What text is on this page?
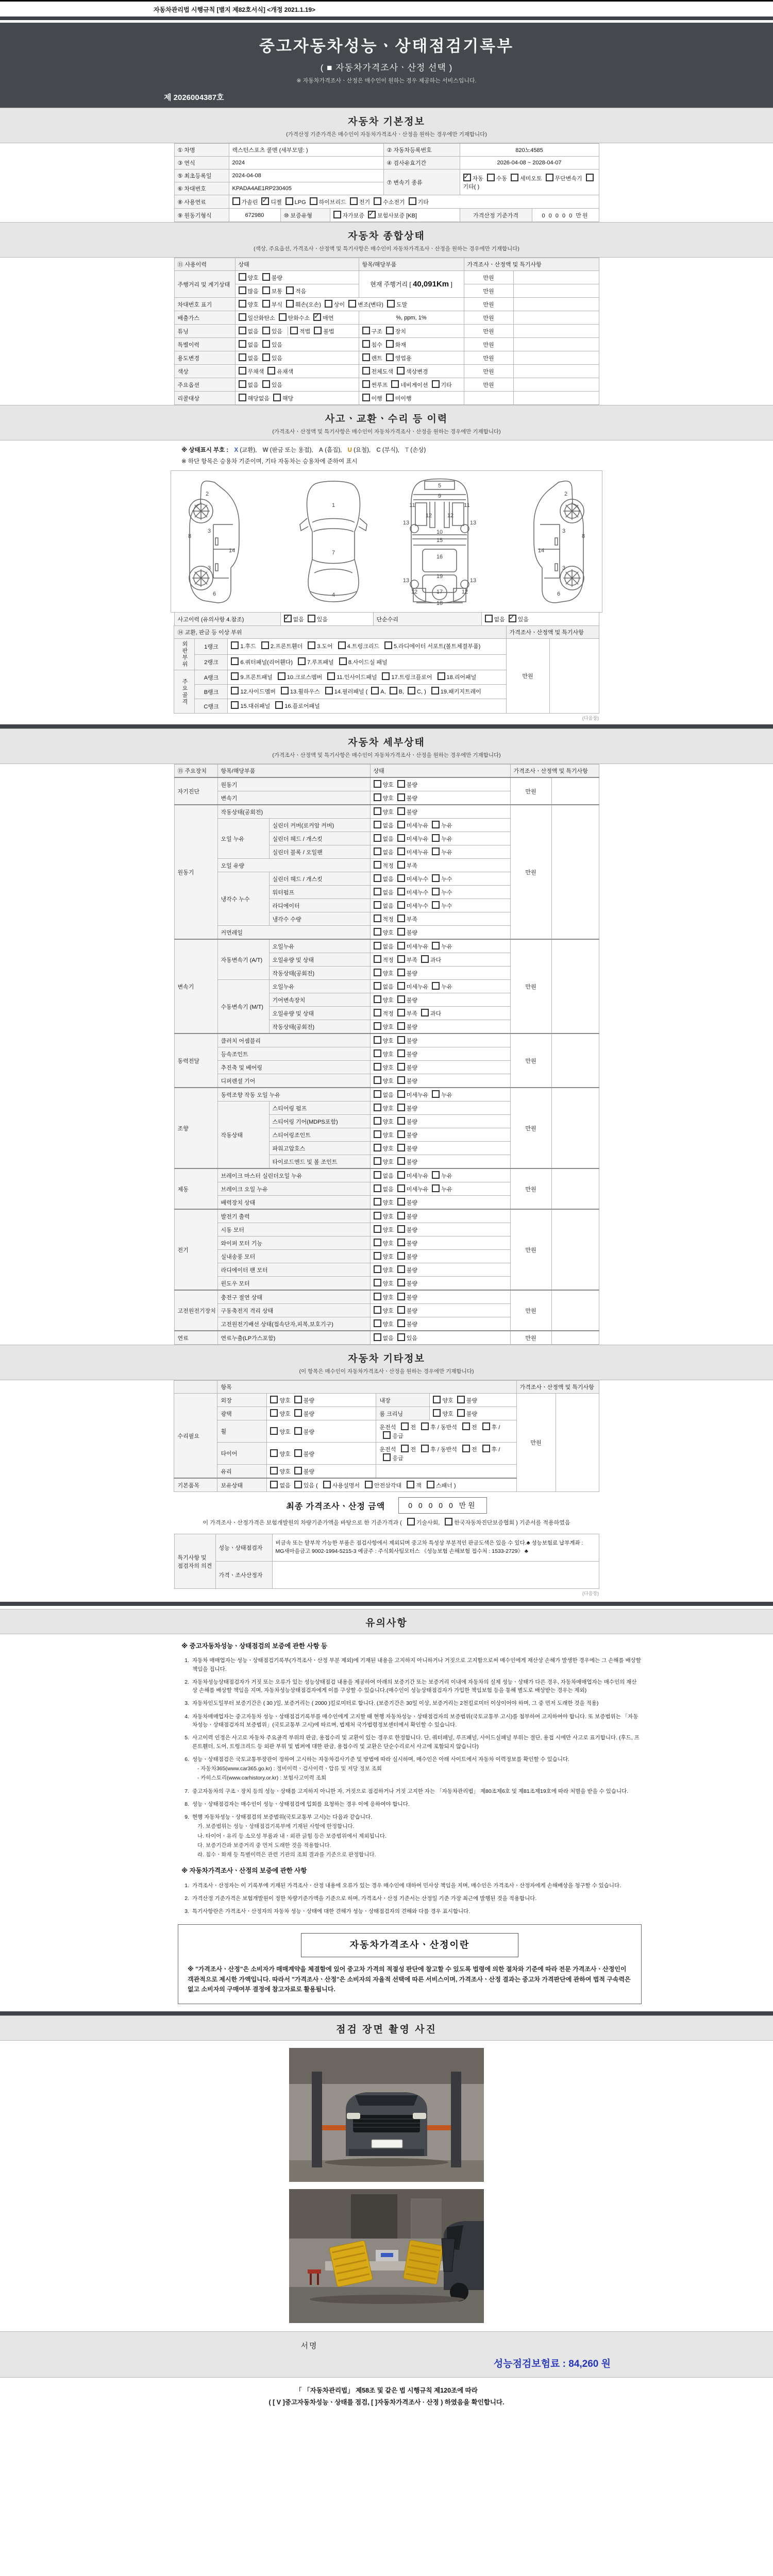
자동차관리법 시행규칙 [별지 제82호서식] <개정 2021.1.19>
중고자동차성능ㆍ상태점검기록부
( ■ 자동차가격조사ㆍ산정 선택 )
※ 자동차가격조사ㆍ산정은 매수인이 원하는 경우 제공하는 서비스입니다.
제 2026004387호
자동차 기본정보
(가격산정 기준가격은 매수인이 자동차가격조사ㆍ산정을 원하는 경우에만 기재합니다)
① 차명	렉스턴스포츠 쿨멘 (세부모델: )	② 자동차등록번호	820노4585
③ 연식	2024	④ 검사유효기간	2026-04-08 ~ 2028-04-07
⑤ 최초등록일	2024-04-08	⑦ 변속기 종류	✓자동 수동 세미오토 무단변속기기타( )
⑥ 차대번호	KPADA4AE1RP230405		
⑧ 사용연료	가솔린 ✓ 디젤 LPG 하이브리드 전기 수소전기 기타
⑨ 원동기형식	672980	⑩ 보증유형	자가보증 ✓ 보험사보증 [KB]	가격산정 기준가격	0 0 0 0 0 만원
자동차 종합상태
(색상, 주요옵션, 가격조사ㆍ산정액 및 특기사항은 매수인이 자동차가격조사ㆍ산정을 원하는 경우에만 기재합니다)
⑪ 사용이력	상태	항목/해당부품	가격조사ㆍ산정액 및 특기사항	
주행거리 및 계기상태	양호 불량	현재 주행거리 [ 40,091Km ]	만원	
	많음 보통 적음		만원	
차대번호 표기	양호 부식 훼손(오손) 상이 변조(변타) 도말		만원	
배출가스	일산화탄소 탄화수소 ✓ 매연	%, ppm, 1%	만원	
튜닝	없음 있음 적법 불법	구조 장치	만원	
특별이력	없음 있음	침수 화재	만원	
용도변경	없음 있음	렌트 영업용	만원	
색상	무채색 유채색	전체도색 색상변경	만원	
주요옵션	없음 있음	썬루프 네비게이션 기타	만원	
리콜대상	해당없음 해당	이행 미이행		
사고ㆍ교환ㆍ수리 등 이력
(가격조사ㆍ산정액 및 특기사항은 매수인이 자동차가격조사ㆍ산정을 원하는 경우에만 기재합니다)
※ 상태표시 부호 : X (교환), W (판금 또는 용접), A (흠집), U (요철), C (부식), T (손상)
※ 하단 항목은 승용차 기준이며, 기타 자동차는 승용차에 준하여 표시
2
8
3
14
3
6
1
7
4
5
9
11	11
13
12	12
13
10
15
16
19
13	13
12	12
17
18
2
8
3
14
3
6
사고이력 (유의사항 4.참조)	✓없음 있음	단순수리	없음 ✓ 있음
⑭ 교환, 판금 등 이상 부위			가격조사ㆍ산정액 및 특기사항	
외판부위	1랭크	1.후드 2.프론트휀더 3.도어 4.트렁크리드 5.라디에이터 서포트(볼트체결부품)	만원	
	2랭크	6.쿼터패널(리어휀다) 7.루프패널 8.사이드실 패널		
주요골격	A랭크	9.프론트패널 10.크로스멤버 11.인사이드패널 17.트렁크플로어 18.리어패널		
	B랭크	12.사이드멤버 13.휠하우스 14.필러패널 ( A, B, C, ) 19.패키지트레이		
	C랭크	15.대쉬패널 16.플로어패널		
(다음장)
자동차 세부상태
(가격조사ㆍ산정액 및 특기사항은 매수인이 자동차가격조사ㆍ산정을 원하는 경우에만 기재합니다)
⑮ 주요장치	항목/해당부품		상태	가격조사ㆍ산정액 및 특기사항	
자기진단	원동기		양호 불량	만원	
	변속기		양호 불량		
원동기	작동상태(공회전)		양호 불량	만원	
	오일 누유	실린더 커버(로커암 커버)	없음 미세누유 누유		
		실린더 헤드 / 개스킷	없음 미세누유 누유		
		실린더 블록 / 오일팬	없음 미세누유 누유		
	오일 유량		적정 부족		
	냉각수 누수	실린더 헤드 / 개스킷	없음 미세누수 누수		
		워터펌프	없음 미세누수 누수		
		라디에이터	없음 미세누수 누수		
		냉각수 수량	적정 부족		
	커먼레일		양호 불량		
변속기	자동변속기 (A/T)	오일누유	없음 미세누유 누유	만원	
		오일유량 및 상태	적정 부족 과다		
		작동상태(공회전)	양호 불량		
	수동변속기 (M/T)	오일누유	없음 미세누유 누유		
		기어변속장치	양호 불량		
		오일유량 및 상태	적정 부족 과다		
		작동상태(공회전)	양호 불량		
동력전달	클러치 어셈블리		양호 불량	만원	
	등속조인트		양호 불량		
	추진축 및 베어링		양호 불량		
	디퍼렌셜 기어		양호 불량		
조향	동력조향 작동 오일 누유		없음 미세누유 누유	만원	
	작동상태	스티어링 펌프	양호 불량		
		스티어링 기어(MDPS포함)	양호 불량		
		스티어링조인트	양호 불량		
		파워고압호스	양호 불량		
		타이로드엔드 및 볼 조인트	양호 불량		
제동	브레이크 마스터 실린더오일 누유		없음 미세누유 누유	만원	
	브레이크 오일 누유		없음 미세누유 누유		
	배력장치 상태		양호 불량		
전기	발전기 출력		양호 불량	만원	
	시동 모터		양호 불량		
	와이퍼 모터 기능		양호 불량		
	실내송풍 모터		양호 불량		
	라디에이터 팬 모터		양호 불량		
	윈도우 모터		양호 불량		
고전원전기장치	충전구 절연 상태		양호 불량	만원	
	구동축전지 격리 상태		양호 불량		
	고전원전기배선 상태(접속단자,피복,보호기구)		양호 불량		
연료	연료누출(LP가스포함)		없음 있음	만원	
자동차 기타정보
(이 항목은 매수인이 자동차가격조사ㆍ산정을 원하는 경우에만 기재합니다)
	항목				가격조사ㆍ산정액 및 특기사항	
수리필요	외장	양호 불량	내장	양호 불량	만원	
	광택	양호 불량	룸 크리닝	양호 불량		
	휠	양호 불량	운전석 전 후 / 동반석 전 후 / 응급			
	타이어	양호 불량	운전석 전 후 / 동반석 전 후 / 응급			
	유리	양호 불량				
기본품목	보유상태	없음 있음 ( 사용설명서 안전삼각대 잭 스패너 )				
최종 가격조사ㆍ산정 금액	0 0 0 0 0 만원
이 가격조사ㆍ산정가격은 보험개발원의 차량기준가액을 바탕으로 한 기준가격과 (	기술사회,	한국자동차진단보증협회 ) 기준서를 적용하였음
특기사항 및 점검자의 의견	성능ㆍ상태점검자	비금속 또는 탈부착 가능한 부품은 점검사항에서 제외되며 중고차 특성상 부분적인 판금도색은 있을 수 있다.♣ 성능보험료 납부계좌 : MG새마을금고 9002-1994-5215-3 예금주 : 주식회사팀모터스 《성능보험 손해보험 접수처 : 1533-2729》 ♣
	가격ㆍ조사산정자	
(다음장)
유의사항
※ 중고자동차성능ㆍ상태점검의 보증에 관한 사항 등
1. 자동차 매매업자는 성능ㆍ상태점검기록부(가격조사ㆍ산정 부분 제외)에 기재된 내용을 고지하지 아니하거나 거짓으로 고지함으로써 매수인에게 재산상 손해가 발생한 경우에는 그 손해를 배상할 책임을 집니다.
2. 자동차성능상태점검자가 거짓 또는 오류가 있는 성능상태점검 내용을 제공하여 아래의 보증기간 또는 보증거리 이내에 자동차의 실제 성능ㆍ상태가 다른 경우, 자동차매매업자는 매수인의 재산상 손해를 배상할 책임을 지며, 자동차성능상태점검자에게 이를 구상할 수 있습니다.(매수인이 성능상태점검자가 가입한 책임보험 등을 통해 별도로 배상받는 경우는 제외)
3. 자동차인도일부터 보증기간은 ( 30 )일, 보증거리는 ( 2000 )킬로미터로 합니다. (보증기간은 30일 이상, 보증거리는 2천킬로미터 이상이어야 하며, 그 중 먼저 도래한 것을 적용)
4. 자동차매매업자는 중고자동차 성능ㆍ상태점검기록부를 매수인에게 고지할 때 현행 자동차성능ㆍ상태점검자의 보증범위(국토교통부 고시)를 첨부하여 고지하여야 합니다. 또 보증범위는 「자동차성능ㆍ상태점검자의 보증범위」(국토교통부 고시)에 따르며, 법제처 국가법령정보센터에서 확인할 수 있습니다.
5. 사고이력 인정은 사고로 자동차 주요골격 부위의 판금, 용접수리 및 교환이 있는 경우로 한정합니다. 단, 쿼터패널, 루프패널, 사이드실패널 부위는 절단, 용접 시에만 사고로 표기합니다. (후드, 프론트휀더, 도어, 트렁크리드 등 외판 부위 및 범퍼에 대한 판금, 용접수리 및 교환은 단순수리로서 사고에 포함되지 않습니다)
6. 성능ㆍ상태점검은 국토교통부장관이 정하여 고시하는 자동차검사기준 및 방법에 따라 실시하며, 매수인은 아래 사이트에서 자동차 이력정보를 확인할 수 있습니다.
- 자동차365(www.car365.go.kr) : 정비이력ㆍ검사이력ㆍ압류 및 저당 정보 조회
- 카히스토리(www.carhistory.or.kr) : 보험사고이력 조회
7. 중고자동차의 구조ㆍ장치 등의 성능ㆍ상태를 고지하지 아니한 자, 거짓으로 점검하거나 거짓 고지한 자는 「자동차관리법」 제80조제6호 및 제81조제19호에 따라 처벌을 받을 수 있습니다.
8. 성능ㆍ상태점검자는 매수인이 성능ㆍ상태점검에 입회를 요청하는 경우 이에 응하여야 합니다.
9. 현행 자동차성능ㆍ상태점검의 보증범위(국토교통부 고시)는 다음과 같습니다.
가. 보증범위는 성능ㆍ상태점검기록부에 기재된 사항에 한정합니다.
나. 타이어ㆍ유리 등 소모성 부품과 내ㆍ외관 긁힘 등은 보증범위에서 제외됩니다.
다. 보증기간과 보증거리 중 먼저 도래한 것을 적용합니다.
라. 침수ㆍ화재 등 특별이력은 관련 기관의 조회 결과를 기준으로 판정합니다.
※ 자동차가격조사ㆍ산정의 보증에 관한 사항
1. 가격조사ㆍ산정자는 이 기록부에 기재된 가격조사ㆍ산정 내용에 오류가 있는 경우 매수인에 대하여 민사상 책임을 지며, 매수인은 가격조사ㆍ산정자에게 손해배상을 청구할 수 있습니다.
2. 가격산정 기준가격은 보험개발원이 정한 차량기준가액을 기준으로 하며, 가격조사ㆍ산정 기준서는 산정일 기준 가장 최근에 발행된 것을 적용합니다.
3. 특기사항란은 가격조사ㆍ산정자의 자동차 성능ㆍ상태에 대한 견해가 성능ㆍ상태점검자의 견해와 다를 경우 표시합니다.
자동차가격조사ㆍ산정이란
※ "가격조사ㆍ산정"은 소비자가 매매계약을 체결함에 있어 중고차 가격의 적절성 판단에 참고할 수 있도록 법령에 의한 절차와 기준에 따라 전문 가격조사ㆍ산정인이 객관적으로 제시한 가액입니다. 따라서 "가격조사ㆍ산정"은 소비자의 자율적 선택에 따른 서비스이며, 가격조사ㆍ산정 결과는 중고차 가격판단에 관하여 법적 구속력은 없고 소비자의 구매여부 결정에 참고자료로 활용됩니다.
점검 장면 촬영 사진
서명
성능점검보험료 : 84,260 원
「 「자동차관리법」 제58조 및 같은 법 시행규칙 제120조에 따라
( [ V ]중고자동차성능ㆍ상태를 점검, [ ]자동차가격조사 · 산정 ) 하였음을 확인합니다.
